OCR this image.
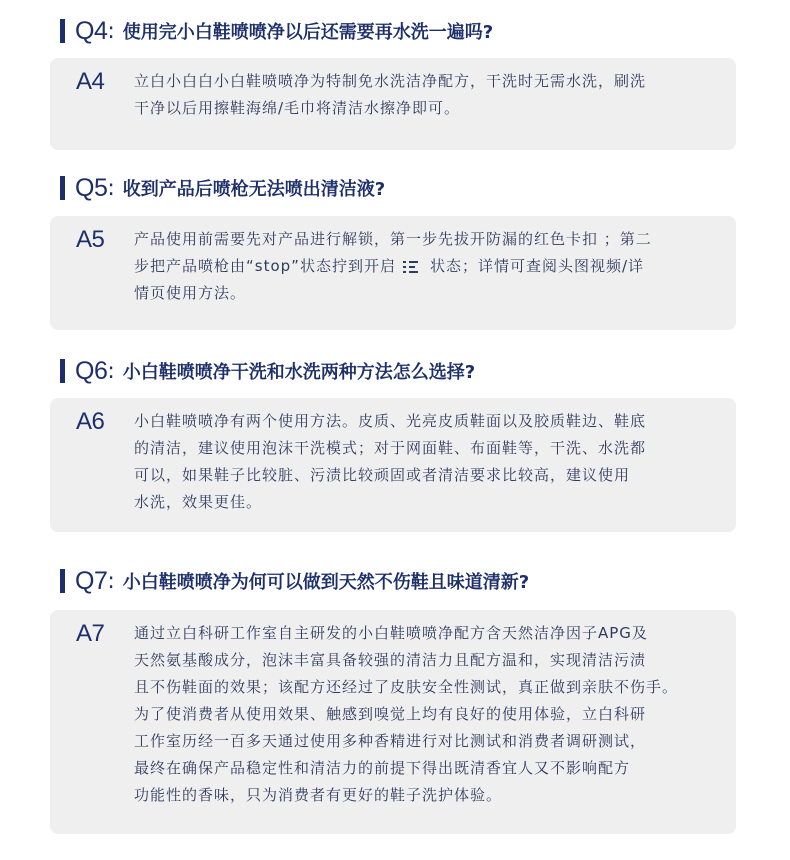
Q4 : 使用完小白鞋喷喷净以后还需要再水洗一遍吗?
A4 立白小白白小白鞋喷喷净为特制免水洗洁净配方，干洗时无需水洗，刷洗
干净以后用擦鞋海绵/毛巾将清洁水擦净即可。
Q5 : 收到产品后喷枪无法喷出清洁液?
A5 产品使用前需要先对产品进行解锁，第一步先拔开防漏的红色卡扣 ；第二
步把产品喷枪由“stop”状态拧到开启 状态；详情可查阅头图视频/详
情页使用方法。
Q6 : 小白鞋喷喷净干洗和水洗两种方法怎么选择?
A6 小白鞋喷喷净有两个使用方法。皮质、光亮皮质鞋面以及胶质鞋边、鞋底
的清洁，建议使用泡沫干洗模式；对于网面鞋、布面鞋等，干洗、水洗都
可以，如果鞋子比较脏、污渍比较顽固或者清洁要求比较高，建议使用
水洗，效果更佳。
Q7 : 小白鞋喷喷净为何可以做到天然不伤鞋且味道清新?
A7 通过立白科研工作室自主研发的小白鞋喷喷净配方含天然洁净因子APG及
天然氨基酸成分，泡沫丰富具备较强的清洁力且配方温和，实现清洁污渍
且不伤鞋面的效果；该配方还经过了皮肤安全性测试，真正做到亲肤不伤手。
为了使消费者从使用效果、触感到嗅觉上均有良好的使用体验，立白科研
工作室历经一百多天通过使用多种香精进行对比测试和消费者调研测试，
最终在确保产品稳定性和清洁力的前提下得出既清香宜人又不影响配方
功能性的香味，只为消费者有更好的鞋子洗护体验。
